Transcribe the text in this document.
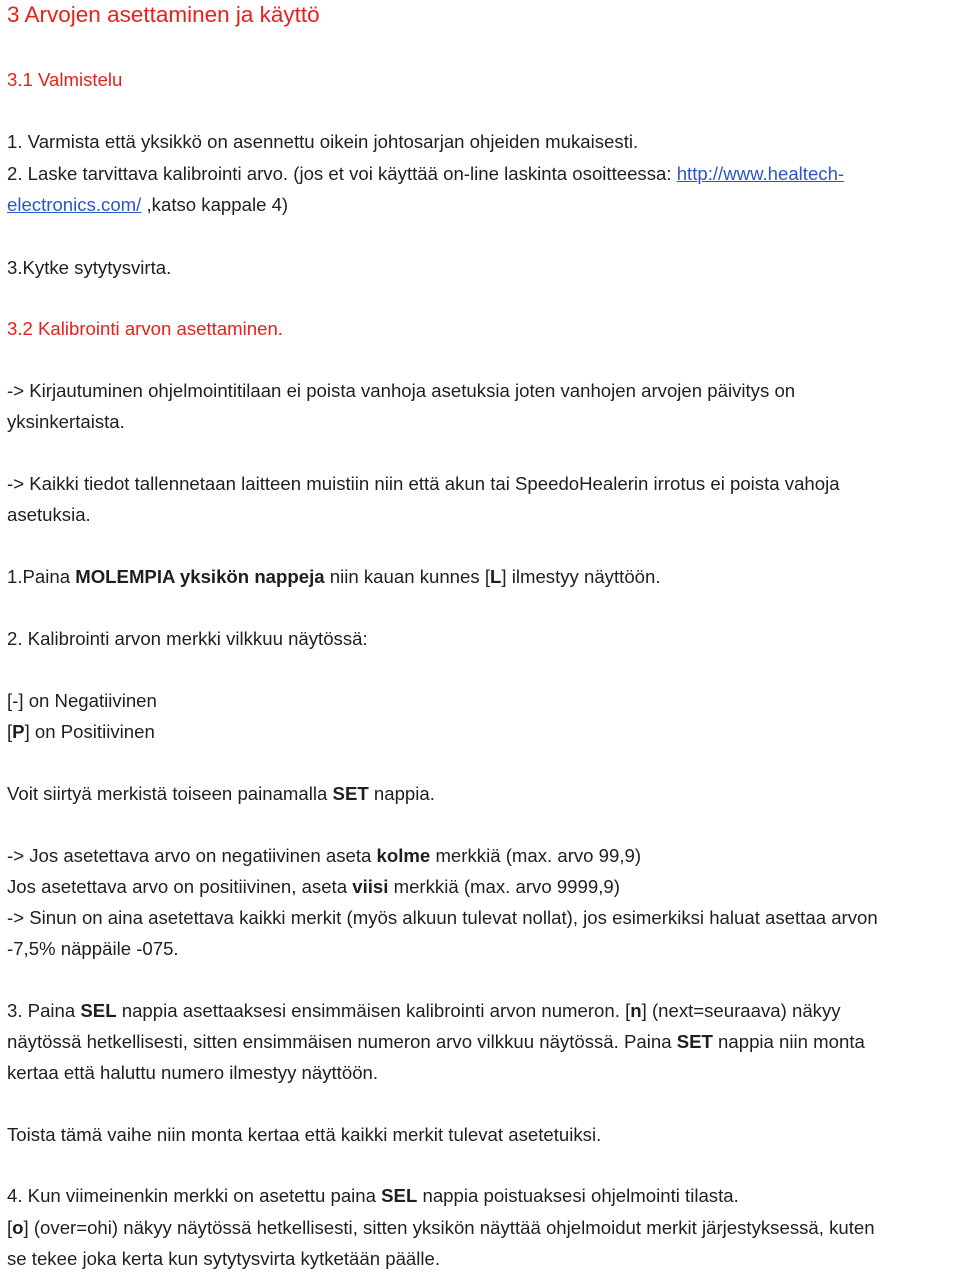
3 Arvojen asettaminen ja käyttö

3.1 Valmistelu

1. Varmista että yksikkö on asennettu oikein johtosarjan ohjeiden mukaisesti.

2. Laske tarvittava kalibrointi arvo. (jos et voi käyttää on-line laskinta osoitteessa: http://www.healtech-

electronics.com/ ,katso kappale 4)

3.Kytke sytytysvirta.

3.2 Kalibrointi arvon asettaminen.

-> Kirjautuminen ohjelmointitilaan ei poista vanhoja asetuksia joten vanhojen arvojen päivitys on

yksinkertaista.

-> Kaikki tiedot tallennetaan laitteen muistiin niin että akun tai SpeedoHealerin irrotus ei poista vahoja

asetuksia.

1.Paina MOLEMPIA yksikön nappeja niin kauan kunnes [L] ilmestyy näyttöön.

2. Kalibrointi arvon merkki vilkkuu näytössä:

[-] on Negatiivinen

[P] on Positiivinen

Voit siirtyä merkistä toiseen painamalla SET nappia.

-> Jos asetettava arvo on negatiivinen aseta kolme merkkiä (max. arvo 99,9)

Jos asetettava arvo on positiivinen, aseta viisi merkkiä (max. arvo 9999,9)

-> Sinun on aina asetettava kaikki merkit (myös alkuun tulevat nollat), jos esimerkiksi haluat asettaa arvon

-7,5% näppäile -075.

3. Paina SEL nappia asettaaksesi ensimmäisen kalibrointi arvon numeron. [n] (next=seuraava) näkyy

näytössä hetkellisesti, sitten ensimmäisen numeron arvo vilkkuu näytössä. Paina SET nappia niin monta

kertaa että haluttu numero ilmestyy näyttöön.

Toista tämä vaihe niin monta kertaa että kaikki merkit tulevat asetetuiksi.

4. Kun viimeinenkin merkki on asetettu paina SEL nappia poistuaksesi ohjelmointi tilasta.

[o] (over=ohi) näkyy näytössä hetkellisesti, sitten yksikön näyttää ohjelmoidut merkit järjestyksessä, kuten

se tekee joka kerta kun sytytysvirta kytketään päälle.
